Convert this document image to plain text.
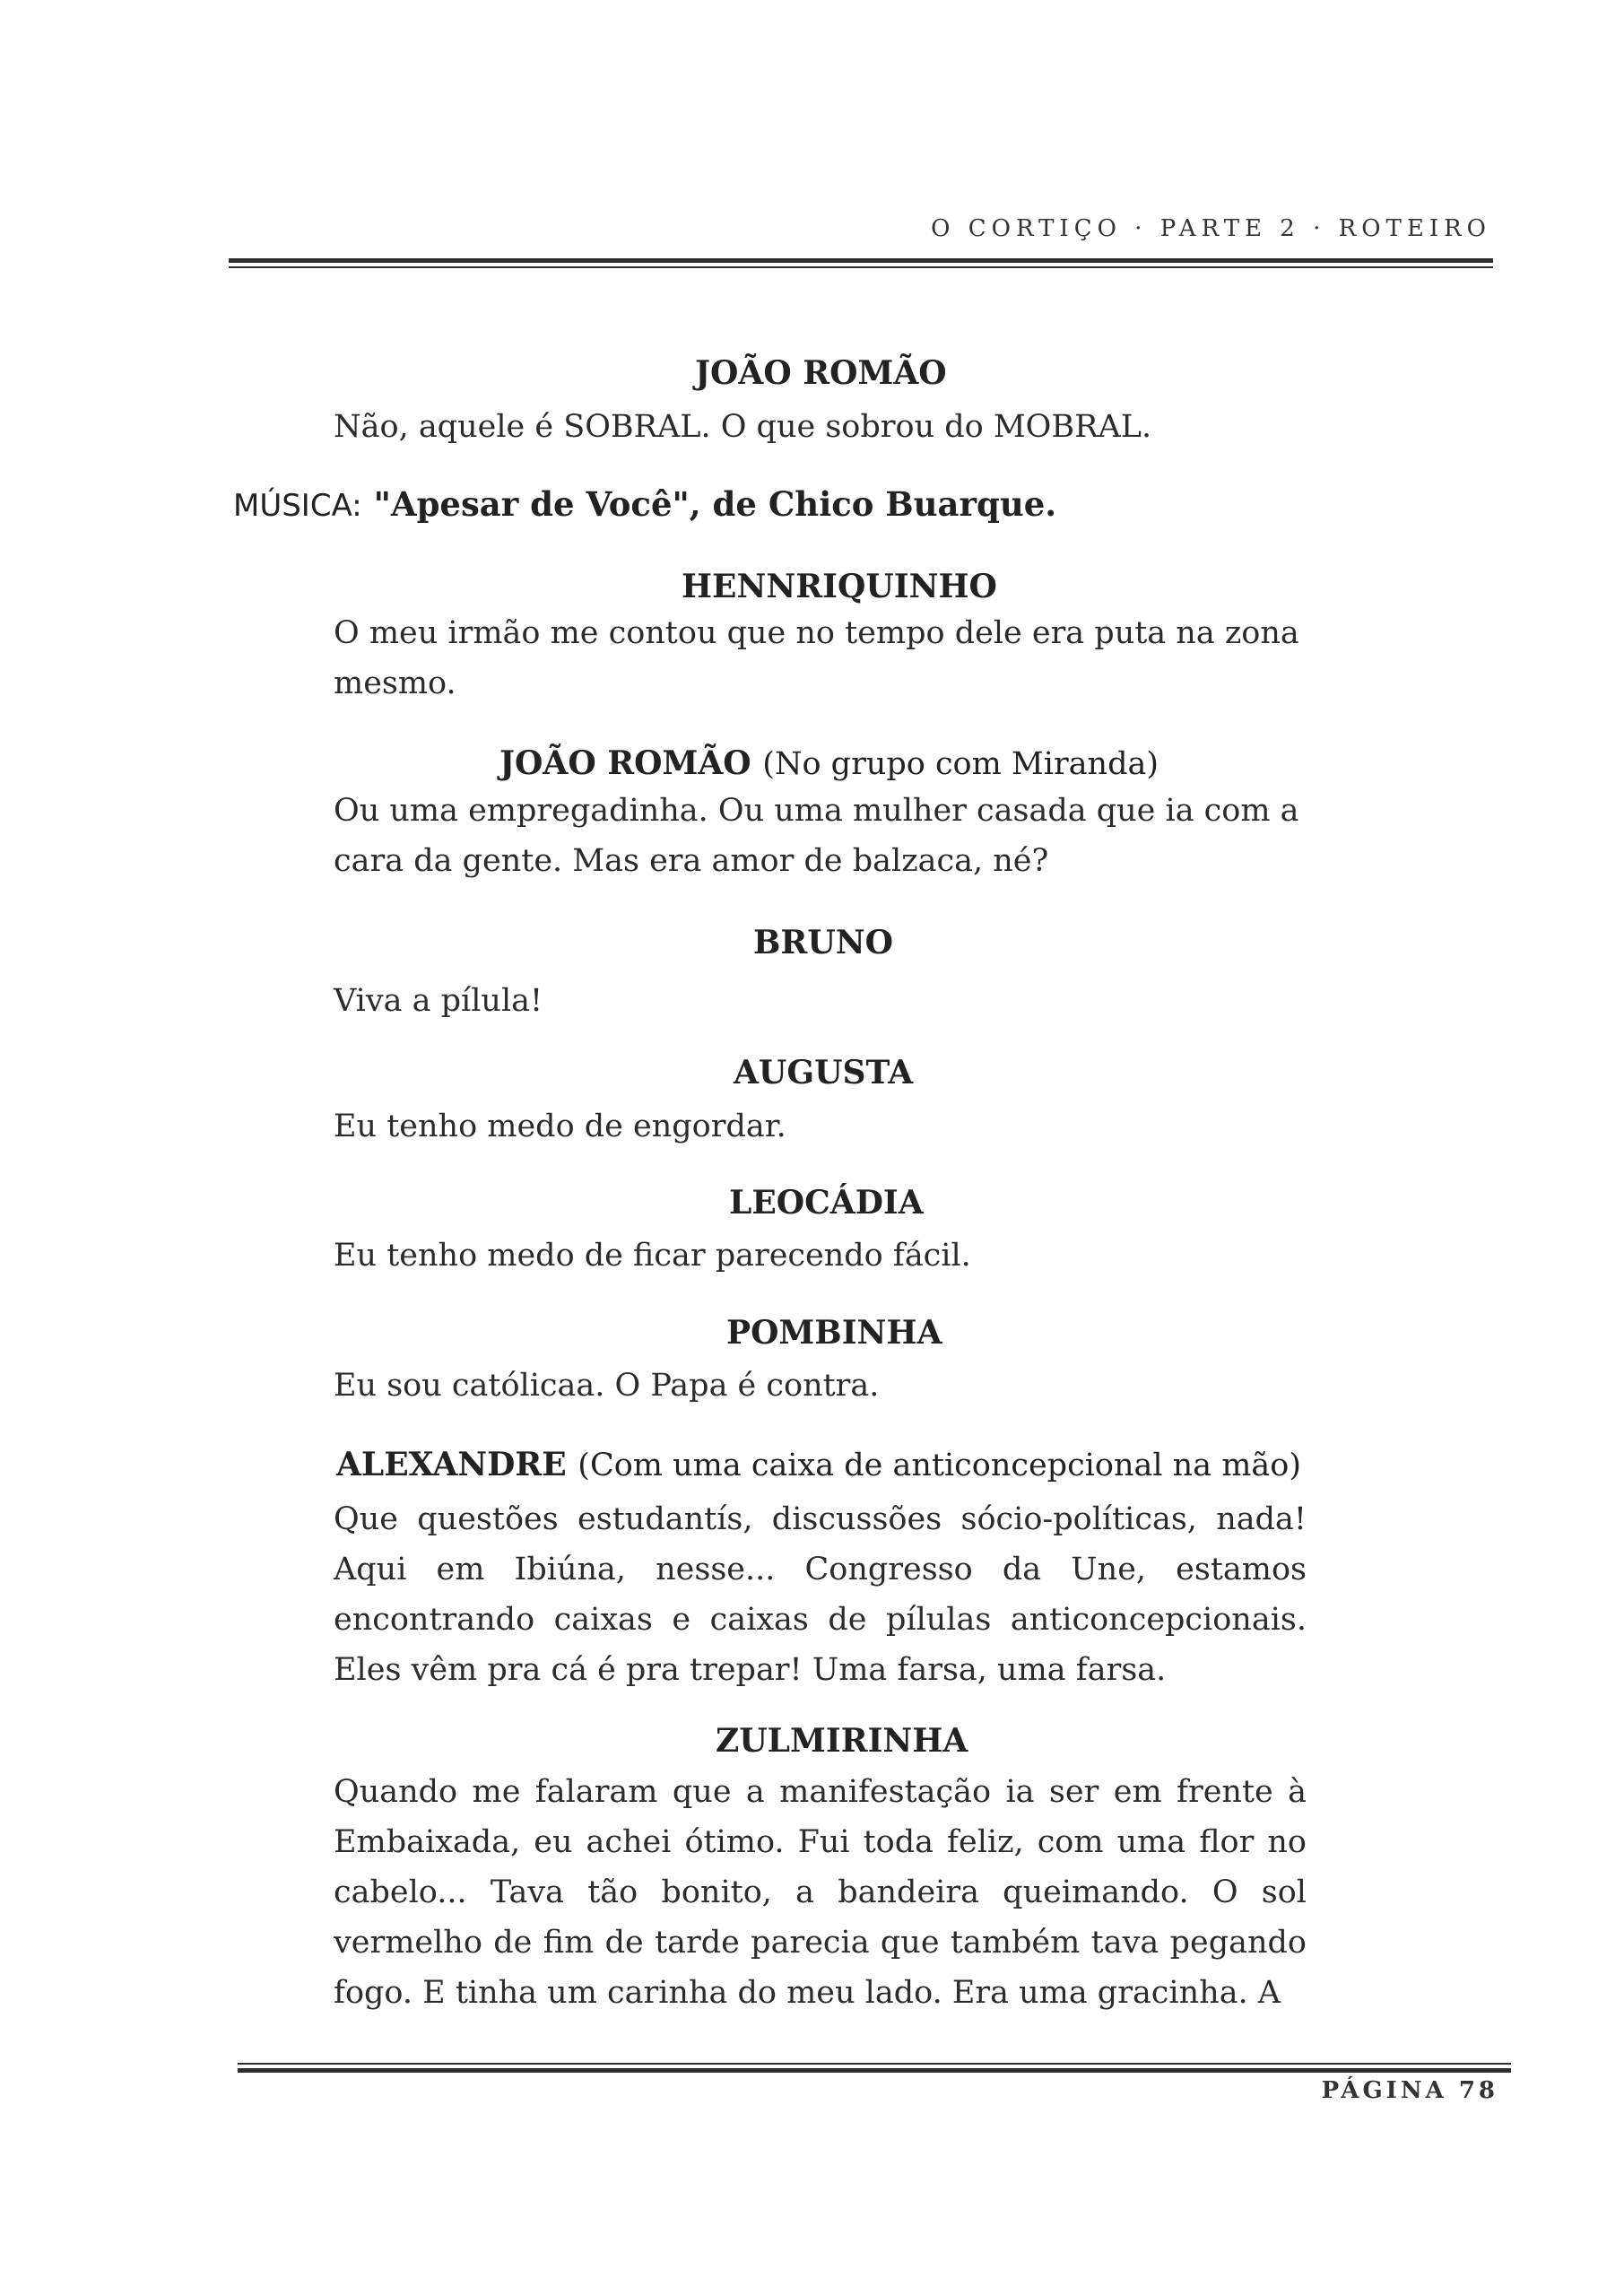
O CORTIÇO · PARTE 2 · ROTEIRO
JOÃO ROMÃO
Não, aquele é SOBRAL. O que sobrou do MOBRAL.
MÚSICA: "Apesar de Você", de Chico Buarque.
HENNRIQUINHO
O meu irmão me contou que no tempo dele era puta na zona mesmo.
JOÃO ROMÃO (No grupo com Miranda)
Ou uma empregadinha. Ou uma mulher casada que ia com a cara da gente. Mas era amor de balzaca, né?
BRUNO
Viva a pílula!
AUGUSTA
Eu tenho medo de engordar.
LEOCÁDIA
Eu tenho medo de ficar parecendo fácil.
POMBINHA
Eu sou católicaa. O Papa é contra.
ALEXANDRE (Com uma caixa de anticoncepcional na mão)
Que questões estudantís, discussões sócio-políticas, nada! Aqui em Ibiúna, nesse... Congresso da Une, estamos encontrando caixas e caixas de pílulas anticoncepcionais. Eles vêm pra cá é pra trepar! Uma farsa, uma farsa.
ZULMIRINHA
Quando me falaram que a manifestação ia ser em frente à Embaixada, eu achei ótimo. Fui toda feliz, com uma flor no cabelo... Tava tão bonito, a bandeira queimando. O sol vermelho de fim de tarde parecia que também tava pegando fogo. E tinha um carinha do meu lado. Era uma gracinha. A
PÁGINA 78
